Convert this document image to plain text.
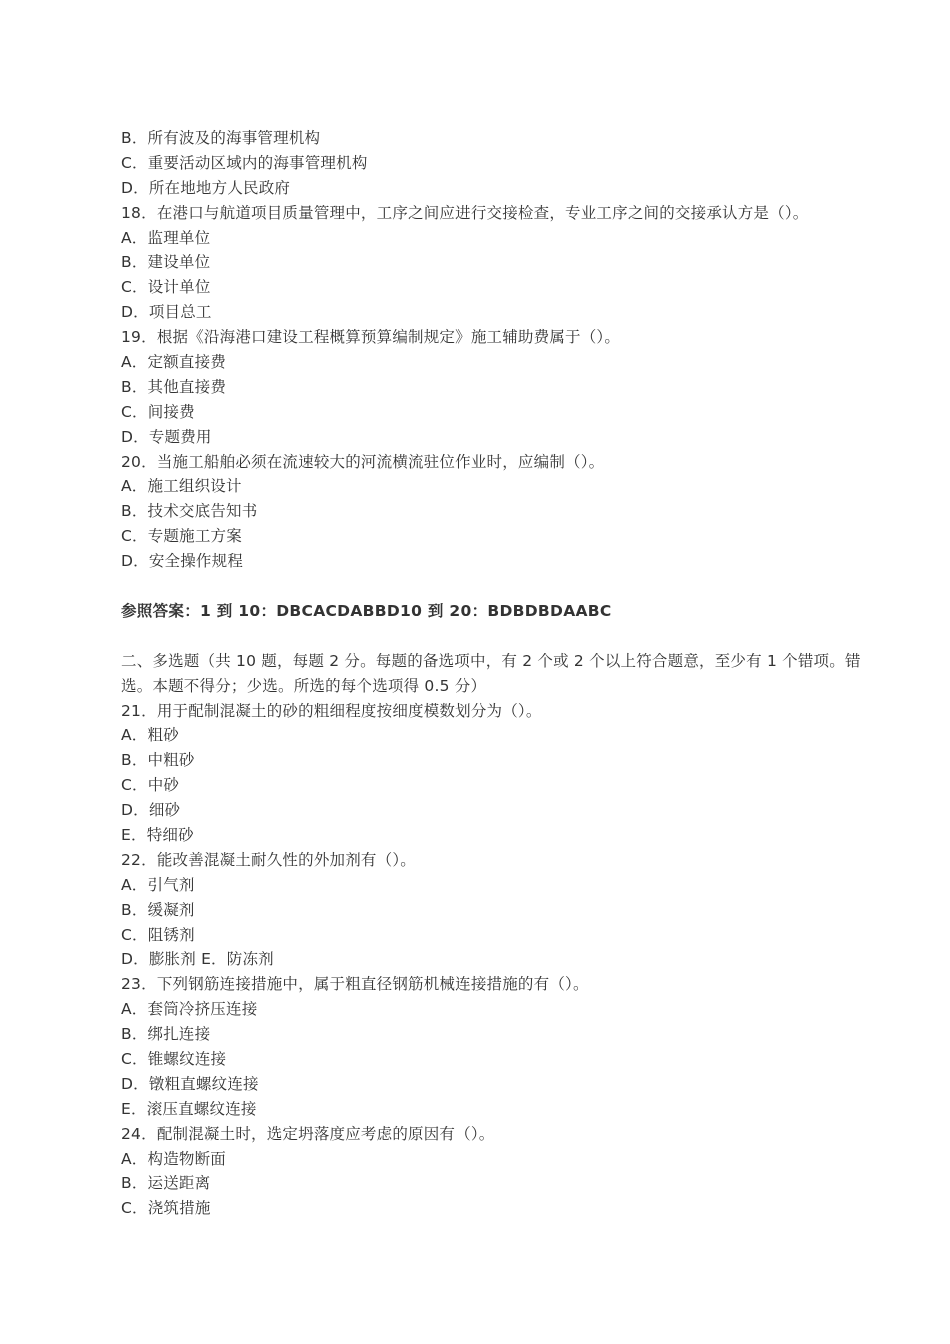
B．所有波及的海事管理机构
C．重要活动区域内的海事管理机构
D．所在地地方人民政府
18．在港口与航道项目质量管理中，工序之间应进行交接检查，专业工序之间的交接承认方是（）。
A．监理单位
B．建设单位
C．设计单位
D．项目总工
19．根据《沿海港口建设工程概算预算编制规定》施工辅助费属于（）。
A．定额直接费
B．其他直接费
C．间接费
D．专题费用
20．当施工船舶必须在流速较大的河流横流驻位作业时，应编制（）。
A．施工组织设计
B．技术交底告知书
C．专题施工方案
D．安全操作规程
参照答案：1 到 10：DBCACDABBD10 到 20：BDBDBDAABC
二、多选题（共 10 题，每题 2 分。每题的备选项中，有 2 个或 2 个以上符合题意，至少有 1 个错项。错选。本题不得分；少选。所选的每个选项得 0.5 分）
21．用于配制混凝土的砂的粗细程度按细度模数划分为（）。
A．粗砂
B．中粗砂
C．中砂
D．细砂
E．特细砂
22．能改善混凝土耐久性的外加剂有（）。
A．引气剂
B．缓凝剂
C．阻锈剂
D．膨胀剂 E．防冻剂
23．下列钢筋连接措施中，属于粗直径钢筋机械连接措施的有（）。
A．套筒冷挤压连接
B．绑扎连接
C．锥螺纹连接
D．镦粗直螺纹连接
E．滚压直螺纹连接
24．配制混凝土时，选定坍落度应考虑的原因有（）。
A．构造物断面
B．运送距离
C．浇筑措施
